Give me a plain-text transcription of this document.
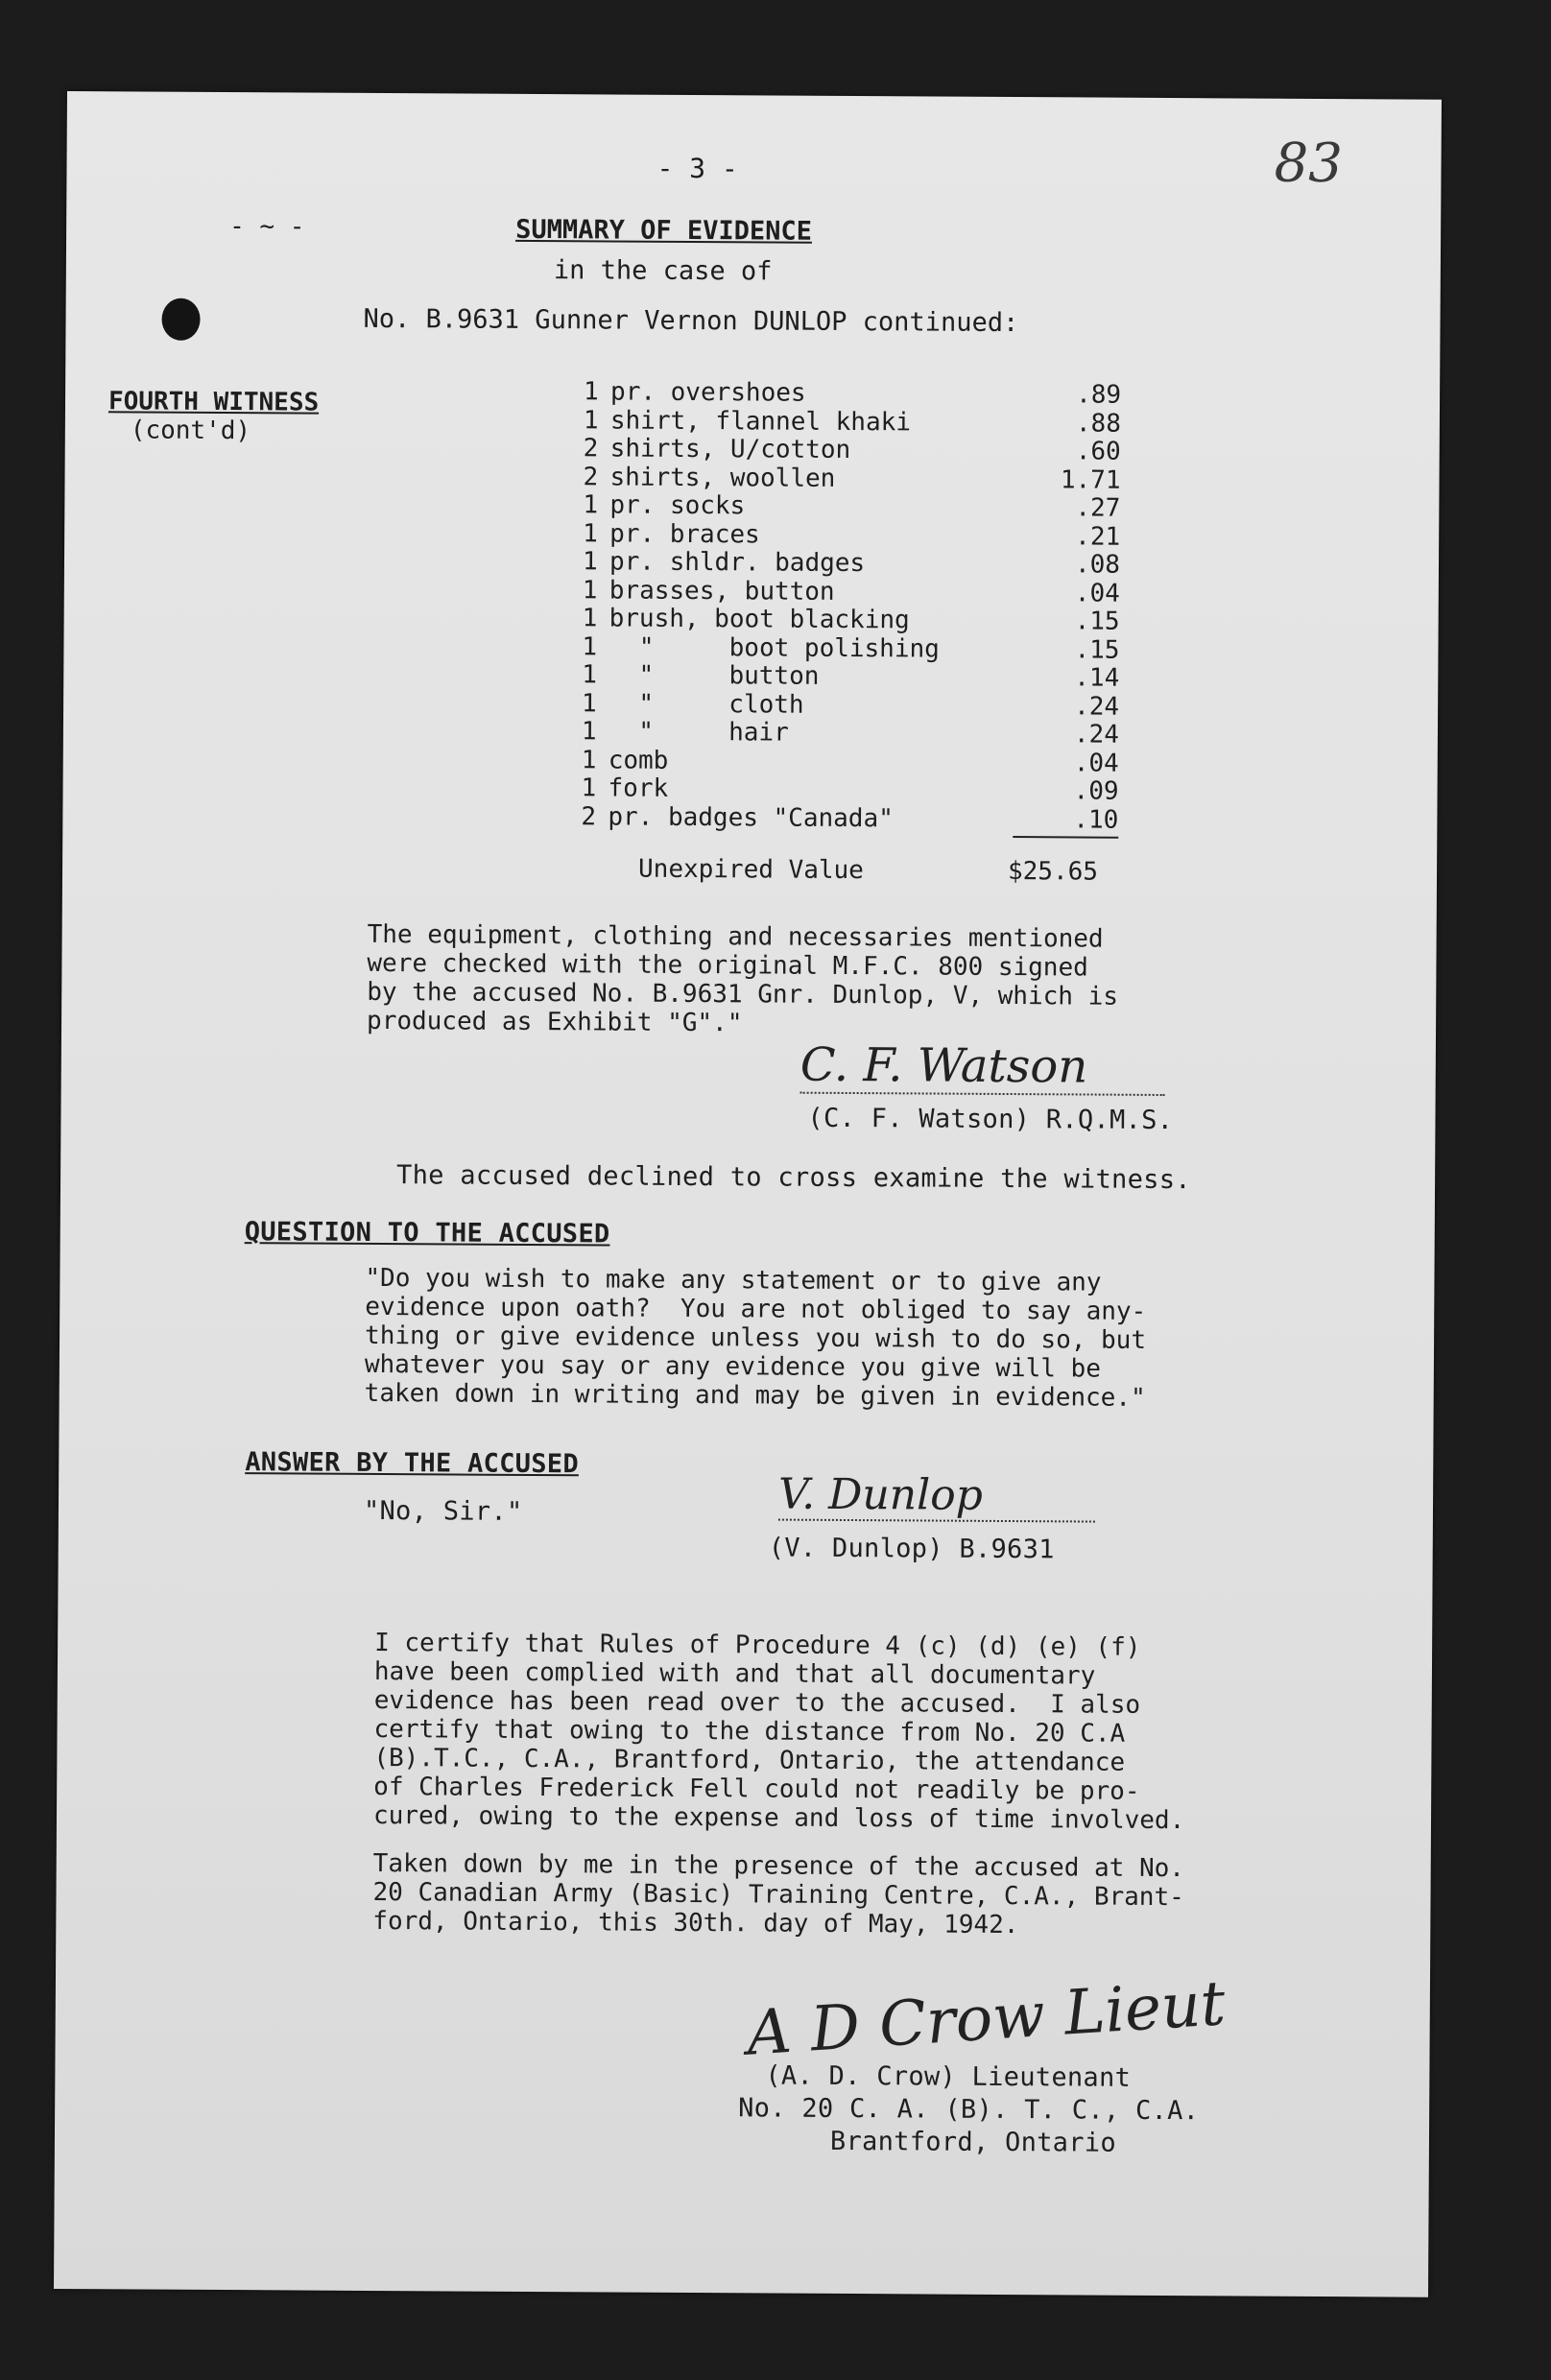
- ~ -
- 3 -	83
SUMMARY OF EVIDENCE
in the case of
No. B.9631 Gunner Vernon DUNLOP continued:
FOURTH WITNESS
(cont'd)
1 pr. overshoes	.89
1 shirt, flannel khaki	.88
2 shirts, U/cotton	.60
2 shirts, woollen	1.71
1 pr. socks	.27
1 pr. braces	.21
1 pr. shldr. badges	.08
1 brasses, button	.04
1 brush, boot blacking	.15
1 "     boot polishing	.15
1 "     button	.14
1 "     cloth	.24
1 "     hair	.24
1 comb	.04
1 fork	.09
2 pr. badges "Canada"	.10
Unexpired Value	$25.65
The equipment, clothing and necessaries mentioned
were checked with the original M.F.C. 800 signed
by the accused No. B.9631 Gnr. Dunlop, V, which is
produced as Exhibit "G"."
C. F. Watson
(C. F. Watson) R.Q.M.S.
The accused declined to cross examine the witness.
QUESTION TO THE ACCUSED
"Do you wish to make any statement or to give any
evidence upon oath?  You are not obliged to say any-
thing or give evidence unless you wish to do so, but
whatever you say or any evidence you give will be
taken down in writing and may be given in evidence."
ANSWER BY THE ACCUSED
"No, Sir."	V. Dunlop
(V. Dunlop) B.9631
I certify that Rules of Procedure 4 (c) (d) (e) (f)
have been complied with and that all documentary
evidence has been read over to the accused.  I also
certify that owing to the distance from No. 20 C.A
(B).T.C., C.A., Brantford, Ontario, the attendance
of Charles Frederick Fell could not readily be pro-
cured, owing to the expense and loss of time involved.
Taken down by me in the presence of the accused at No.
20 Canadian Army (Basic) Training Centre, C.A., Brant-
ford, Ontario, this 30th. day of May, 1942.
A D Crow Lieut
(A. D. Crow) Lieutenant
No. 20 C. A. (B). T. C., C.A.
Brantford, Ontario
